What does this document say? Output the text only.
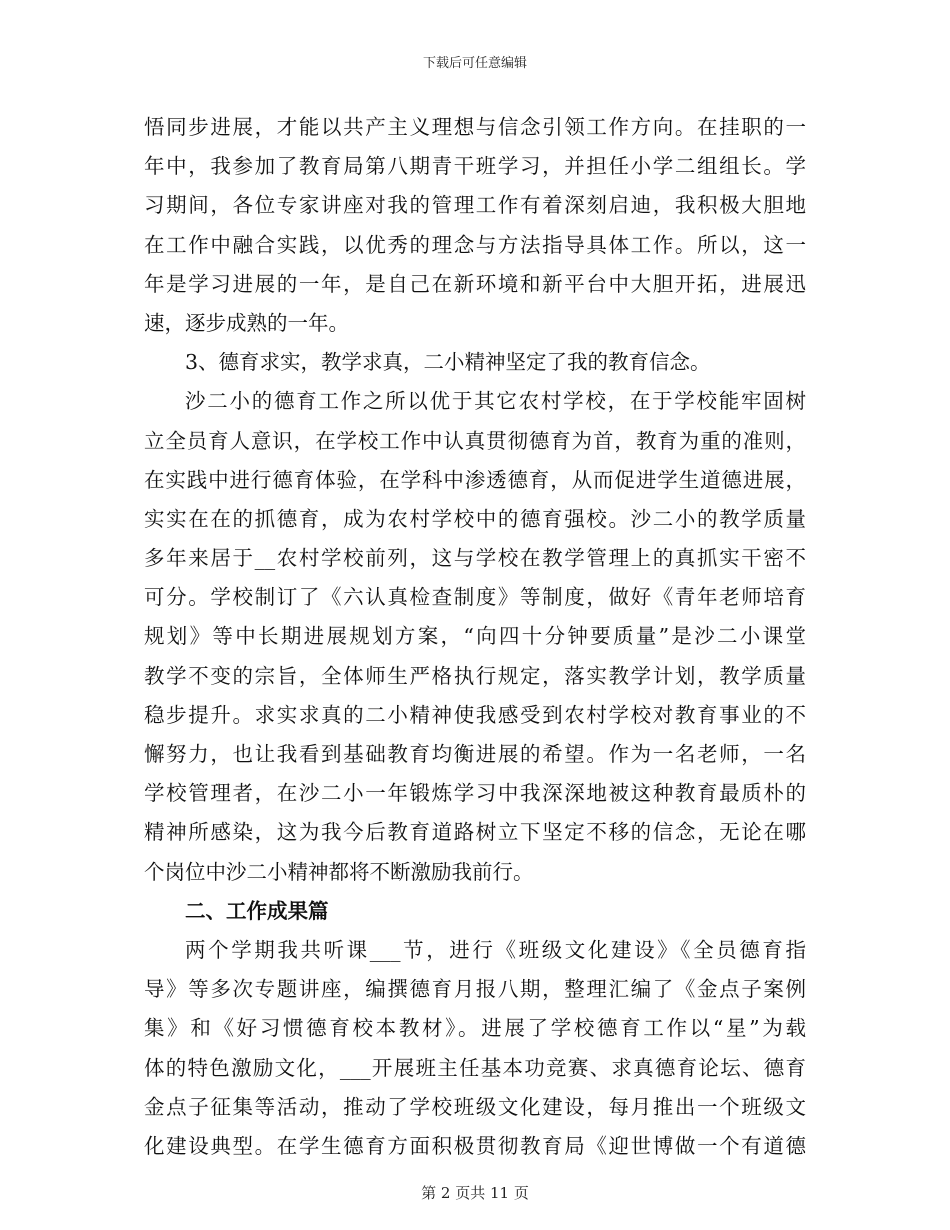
下载后可任意编辑
悟同步进展，才能以共产主义理想与信念引领工作方向。在挂职的一
年中，我参加了教育局第八期青干班学习，并担任小学二组组长。学
习期间，各位专家讲座对我的管理工作有着深刻启迪，我积极大胆地
在工作中融合实践，以优秀的理念与方法指导具体工作。所以，这一
年是学习进展的一年，是自己在新环境和新平台中大胆开拓，进展迅
速，逐步成熟的一年。
3、德育求实，教学求真，二小精神坚定了我的教育信念。
沙二小的德育工作之所以优于其它农村学校，在于学校能牢固树
立全员育人意识，在学校工作中认真贯彻德育为首，教育为重的准则，
在实践中进行德育体验，在学科中渗透德育，从而促进学生道德进展，
实实在在的抓德育，成为农村学校中的德育强校。沙二小的教学质量
多年来居于__农村学校前列，这与学校在教学管理上的真抓实干密不
可分。学校制订了《六认真检查制度》等制度，做好《青年老师培育
规划》等中长期进展规划方案，“向四十分钟要质量”是沙二小课堂
教学不变的宗旨，全体师生严格执行规定，落实教学计划，教学质量
稳步提升。求实求真的二小精神使我感受到农村学校对教育事业的不
懈努力，也让我看到基础教育均衡进展的希望。作为一名老师，一名
学校管理者，在沙二小一年锻炼学习中我深深地被这种教育最质朴的
精神所感染，这为我今后教育道路树立下坚定不移的信念，无论在哪
个岗位中沙二小精神都将不断激励我前行。
二、工作成果篇
两个学期我共听课___节，进行《班级文化建设》《全员德育指
导》等多次专题讲座，编撰德育月报八期，整理汇编了《金点子案例
集》和《好习惯德育校本教材》。进展了学校德育工作以“星”为载
体的特色激励文化，___开展班主任基本功竞赛、求真德育论坛、德育
金点子征集等活动，推动了学校班级文化建设，每月推出一个班级文
化建设典型。在学生德育方面积极贯彻教育局《迎世博做一个有道德
第 2 页共 11 页
